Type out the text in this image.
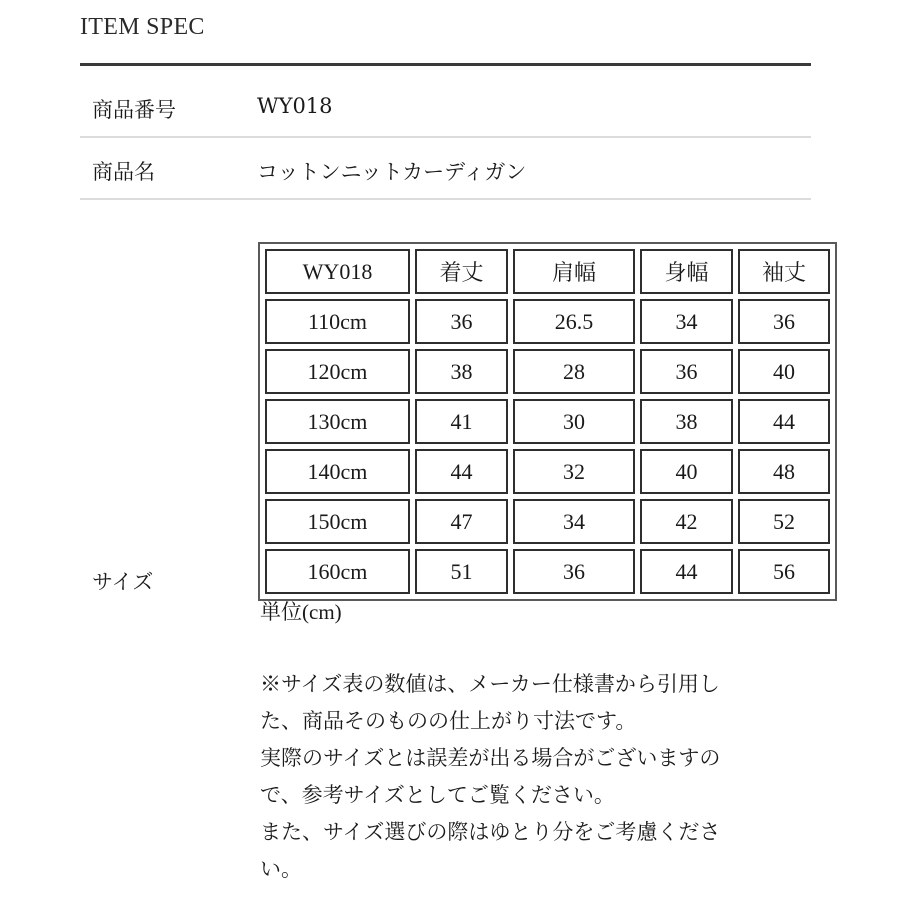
ITEM SPEC
商品番号	WY018
商品名	コットンニットカーディガン
サイズ
WY018	着丈	肩幅	身幅	袖丈
110cm	36	26.5	34	36
120cm	38	28	36	40
130cm	41	30	38	44
140cm	44	32	40	48
150cm	47	34	42	52
160cm	51	36	44	56
単位(cm)
※サイズ表の数値は、メーカー仕様書から引用し
た、商品そのものの仕上がり寸法です。
実際のサイズとは誤差が出る場合がございますの
で、参考サイズとしてご覧ください。
また、サイズ選びの際はゆとり分をご考慮くださ
い。
